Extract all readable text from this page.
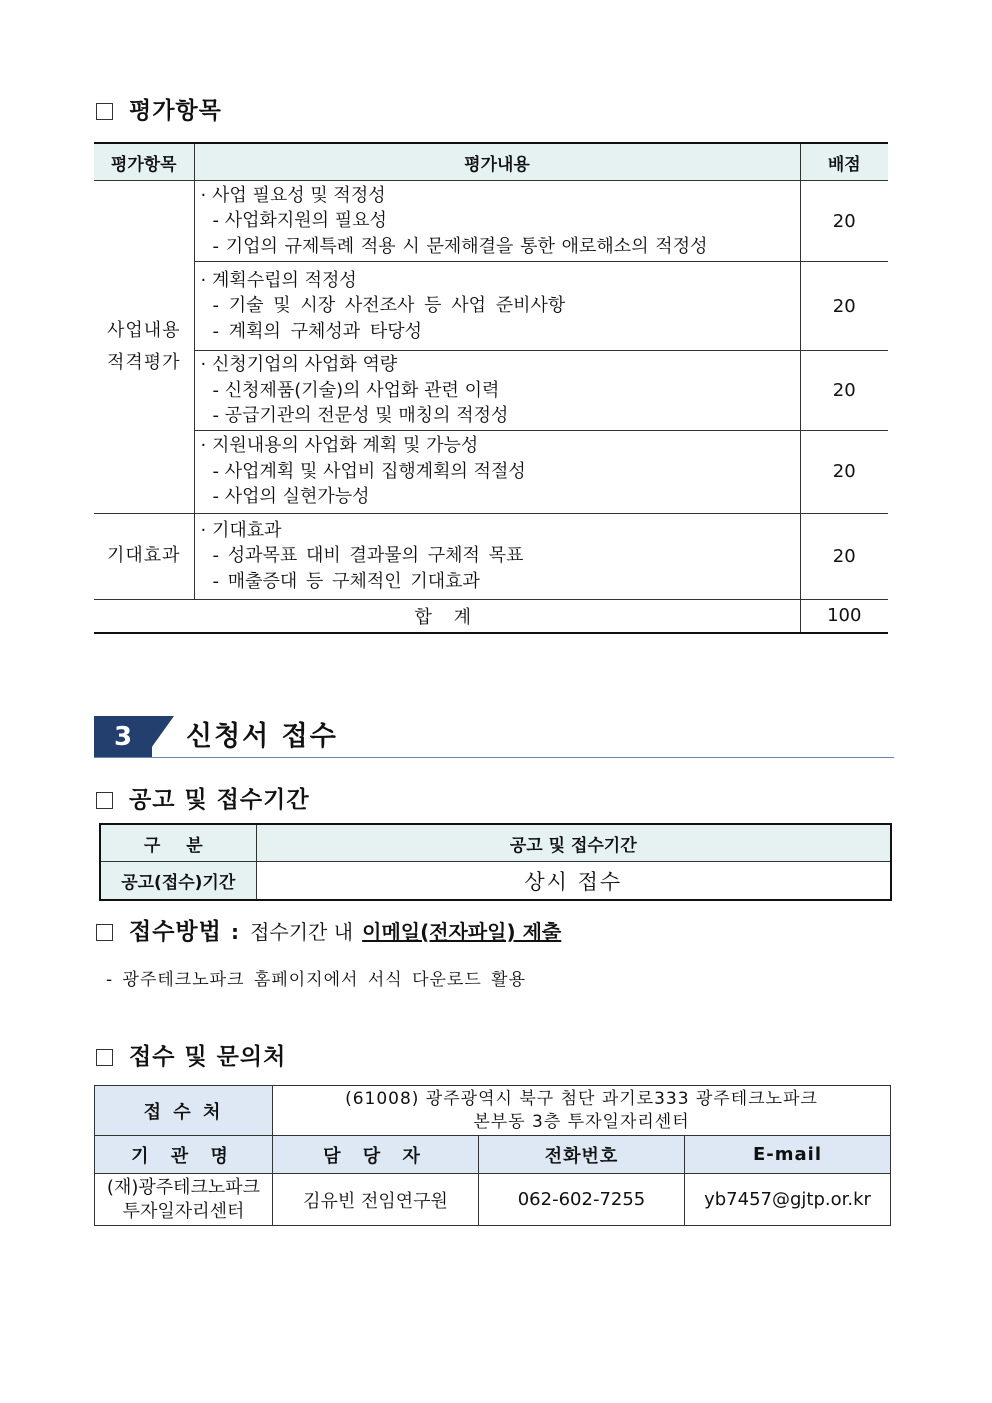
평가항목
평가항목	평가내용	배점

사업내용 적격평가	· 사업 필요성 및 적정성
- 사업화지원의 필요성
- 기업의 규제특례 적용 시 문제해결을 통한 애로해소의 적정성	20

	· 계획수립의 적정성
- 기술 및 시장 사전조사 등 사업 준비사항
- 계획의 구체성과 타당성	20

	· 신청기업의 사업화 역량
- 신청제품(기술)의 사업화 관련 이력
- 공급기관의 전문성 및 매칭의 적정성	20

	· 지원내용의 사업화 계획 및 가능성
- 사업계획 및 사업비 집행계획의 적절성
- 사업의 실현가능성	20
기대효과	· 기대효과
- 성과목표 대비 결과물의 구체적 목표
- 매출증대 등 구체적인 기대효과	20
합 계		100
3	신청서 접수
공고 및 접수기간
구 분	공고 및 접수기간
공고(접수)기간	상시 접수
접수방법 : 접수기간 내 이메일(전자파일) 제출
- 광주테크노파크 홈페이지에서 서식 다운로드 활용
접수 및 문의처
접 수 처	(61008) 광주광역시 북구 첨단 과기로333 광주테크노파크
본부동 3층 투자일자리센터		

기 관 명	담 당 자	전화번호	E-mail

(재)광주테크노파크
투자일자리센터	김유빈 전임연구원	062-602-7255	yb7457@gjtp.or.kr
